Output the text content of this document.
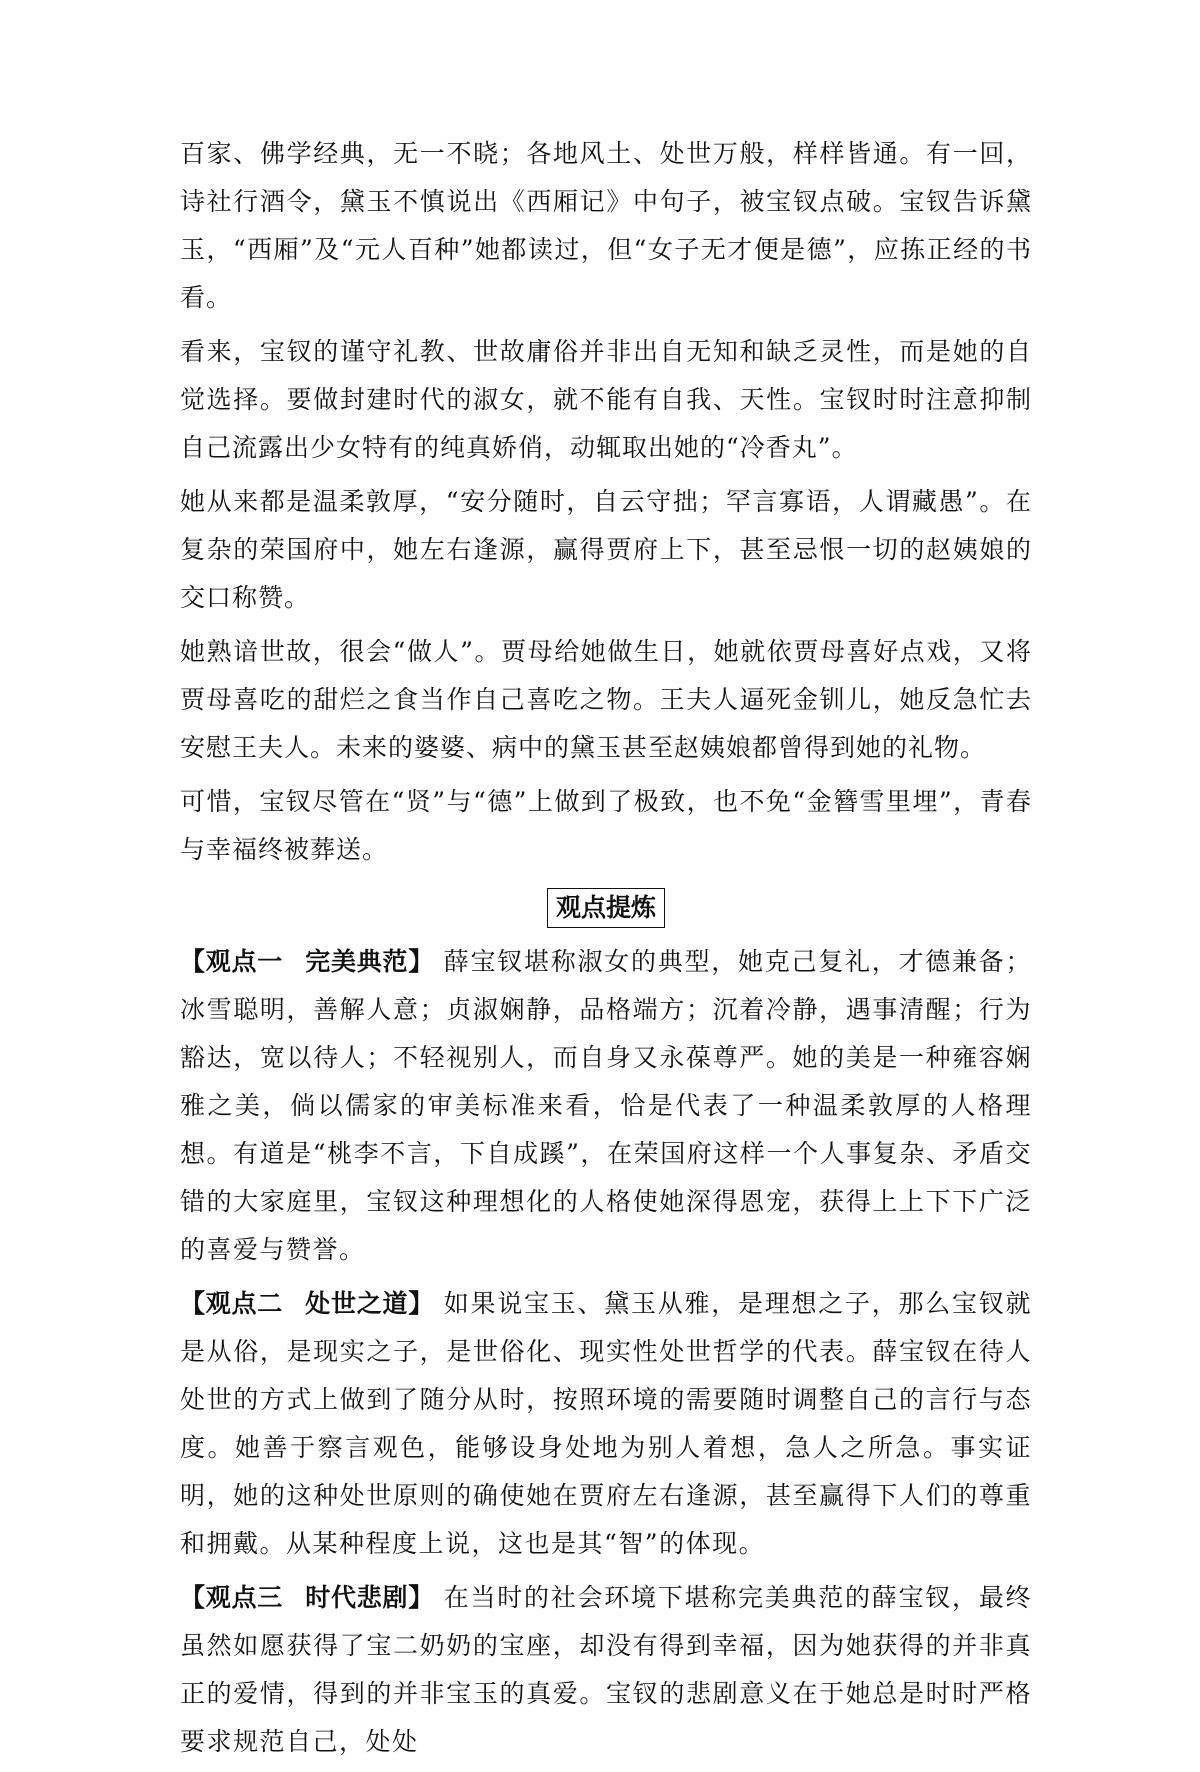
百家、佛学经典，无一不晓；各地风土、处世万般，样样皆通。有一回，诗社行酒令，黛玉不慎说出《西厢记》中句子，被宝钗点破。宝钗告诉黛玉，“西厢”及“元人百种”她都读过，但“女子无才便是德”，应拣正经的书看。

看来，宝钗的谨守礼教、世故庸俗并非出自无知和缺乏灵性，而是她的自觉选择。要做封建时代的淑女，就不能有自我、天性。宝钗时时注意抑制自己流露出少女特有的纯真娇俏，动辄取出她的“冷香丸”。

她从来都是温柔敦厚，“安分随时，自云守拙；罕言寡语，人谓藏愚”。在复杂的荣国府中，她左右逢源，赢得贾府上下，甚至忌恨一切的赵姨娘的交口称赞。

她熟谙世故，很会“做人”。贾母给她做生日，她就依贾母喜好点戏，又将贾母喜吃的甜烂之食当作自己喜吃之物。王夫人逼死金钏儿，她反急忙去安慰王夫人。未来的婆婆、病中的黛玉甚至赵姨娘都曾得到她的礼物。

可惜，宝钗尽管在“贤”与“德”上做到了极致，也不免“金簪雪里埋”，青春与幸福终被葬送。

观点提炼

【观点一 完美典范】 薛宝钗堪称淑女的典型，她克己复礼，才德兼备；冰雪聪明，善解人意；贞淑娴静，品格端方；沉着冷静，遇事清醒；行为豁达，宽以待人；不轻视别人，而自身又永葆尊严。她的美是一种雍容娴雅之美，倘以儒家的审美标准来看，恰是代表了一种温柔敦厚的人格理想。有道是“桃李不言，下自成蹊”，在荣国府这样一个人事复杂、矛盾交错的大家庭里，宝钗这种理想化的人格使她深得恩宠，获得上上下下广泛的喜爱与赞誉。

【观点二 处世之道】 如果说宝玉、黛玉从雅，是理想之子，那么宝钗就是从俗，是现实之子，是世俗化、现实性处世哲学的代表。薛宝钗在待人处世的方式上做到了随分从时，按照环境的需要随时调整自己的言行与态度。她善于察言观色，能够设身处地为别人着想，急人之所急。事实证明，她的这种处世原则的确使她在贾府左右逢源，甚至赢得下人们的尊重和拥戴。从某种程度上说，这也是其“智”的体现。

【观点三 时代悲剧】 在当时的社会环境下堪称完美典范的薛宝钗，最终虽然如愿获得了宝二奶奶的宝座，却没有得到幸福，因为她获得的并非真正的爱情，得到的并非宝玉的真爱。宝钗的悲剧意义在于她总是时时严格要求规范自己，处处
